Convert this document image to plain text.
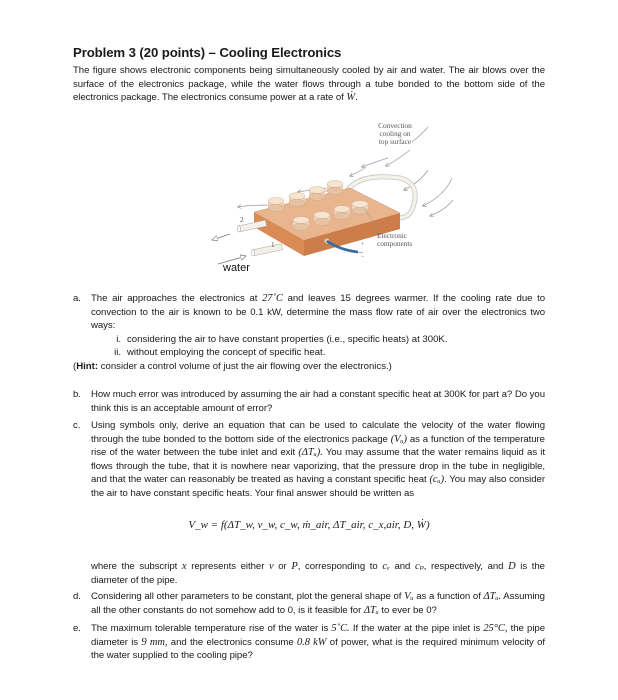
Problem 3 (20 points) – Cooling Electronics

The figure shows electronic components being simultaneously cooled by air and water. The air blows over the surface of the electronics package, while the water flows through a tube bonded to the bottom side of the electronics package. The electronics consume power at a rate of Ẇ.

Convection
cooling on
top surface
Electronic
components
2
1	+
−
water

a. The air approaches the electronics at 27˚C and leaves 15 degrees warmer. If the cooling rate due to convection to the air is known to be 0.1 kW, determine the mass flow rate of air over the electronics two ways:

i. considering the air to have constant properties (i.e., specific heats) at 300K.

ii. without employing the concept of specific heat.

(Hint: consider a control volume of just the air flowing over the electronics.)

b. How much error was introduced by assuming the air had a constant specific heat at 300K for part a? Do you think this is an acceptable amount of error?

c. Using symbols only, derive an equation that can be used to calculate the velocity of the water flowing through the tube bonded to the bottom side of the electronics package (Vᵤ) as a function of the temperature rise of the water between the tube inlet and exit (ΔTᵤ). You may assume that the water remains liquid as it flows through the tube, that it is nowhere near vaporizing, that the pressure drop in the tube in negligible, and that the water can reasonably be treated as having a constant specific heat (cᵤ). You may also consider the air to have constant specific heats. Your final answer should be written as

V_w = f(ΔT_w, v_w, c_w, ṁ_air, ΔT_air, c_x,air, D, Ẇ)

where the subscript x represents either v or P, corresponding to cᵥ and cₚ, respectively, and D is the diameter of the pipe.

d. Considering all other parameters to be constant, plot the general shape of Vᵤ as a function of ΔTᵤ. Assuming all the other constants do not somehow add to 0, is it feasible for ΔTᵤ to ever be 0?

e. The maximum tolerable temperature rise of the water is 5˚C. If the water at the pipe inlet is 25°C, the pipe diameter is 9 mm, and the electronics consume 0.8 kW of power, what is the required minimum velocity of the water supplied to the cooling pipe?
